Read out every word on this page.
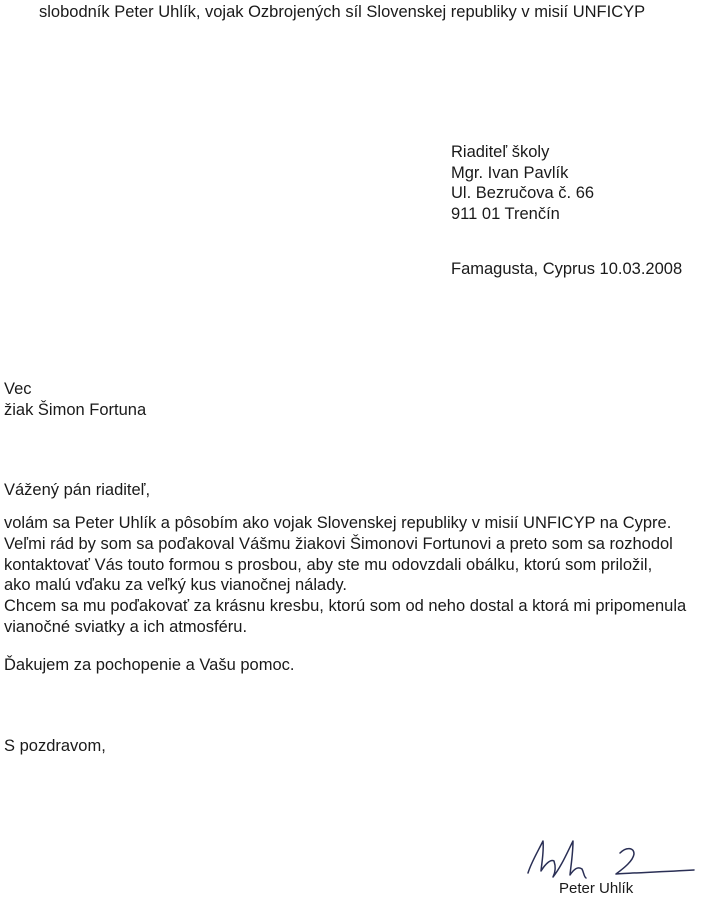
slobodník Peter Uhlík, vojak Ozbrojených síl Slovenskej republiky v misií UNFICYP

Riaditeľ školy
Mgr. Ivan Pavlík
Ul. Bezručova č. 66
911 01 Trenčín

Famagusta, Cyprus 10.03.2008

Vec
žiak Šimon Fortuna

Vážený pán riaditeľ,

volám sa Peter Uhlík a pôsobím ako vojak Slovenskej republiky v misií UNFICYP na Cypre.
Veľmi rád by som sa poďakoval Vášmu žiakovi Šimonovi Fortunovi a preto som sa rozhodol
kontaktovať Vás touto formou s prosbou, aby ste mu odovzdali obálku, ktorú som priložil,
ako malú vďaku za veľký kus vianočnej nálady.
Chcem sa mu poďakovať za krásnu kresbu, ktorú som od neho dostal a ktorá mi pripomenula
vianočné sviatky a ich atmosféru.

Ďakujem za pochopenie a Vašu pomoc.

S pozdravom,

Peter Uhlík
